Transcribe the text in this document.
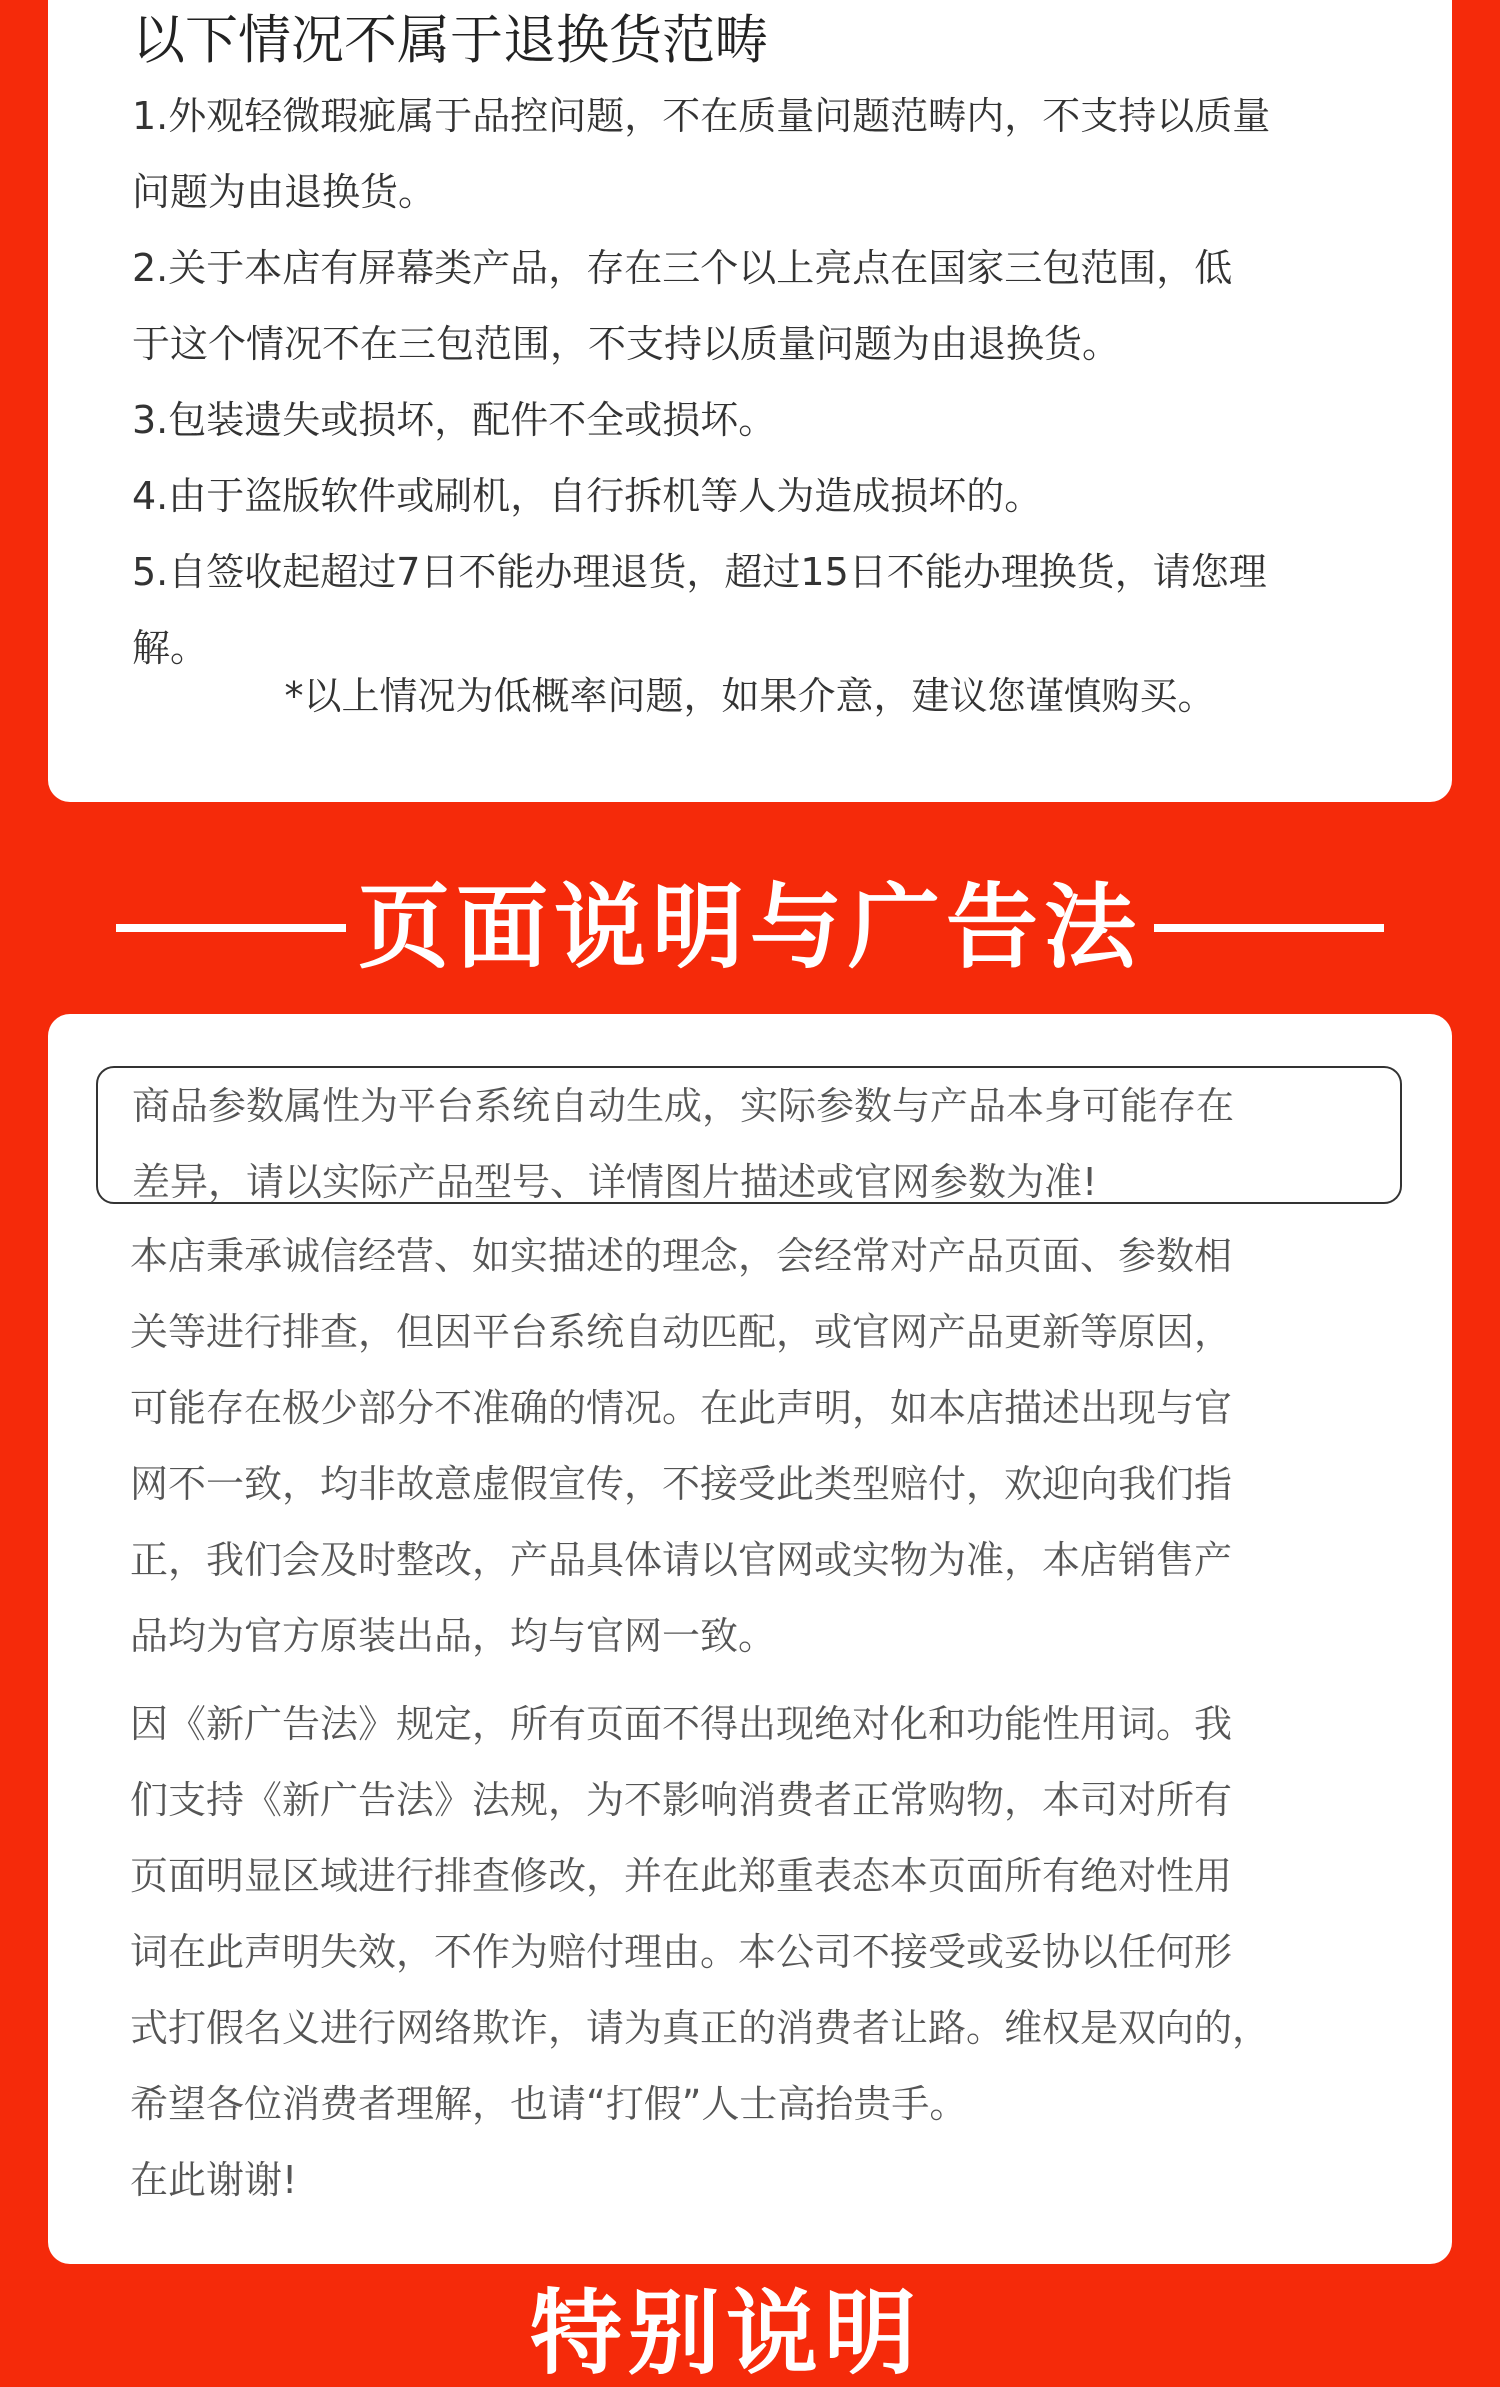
以下情况不属于退换货范畴

1.外观轻微瑕疵属于品控问题，不在质量问题范畴内，不支持以质量
问题为由退换货。

2.关于本店有屏幕类产品，存在三个以上亮点在国家三包范围，低
于这个情况不在三包范围，不支持以质量问题为由退换货。

3.包装遗失或损坏，配件不全或损坏。

4.由于盗版软件或刷机，自行拆机等人为造成损坏的。

5.自签收起超过7日不能办理退货，超过15日不能办理换货，请您理
解。

*以上情况为低概率问题，如果介意，建议您谨慎购买。
页面说明与广告法
商品参数属性为平台系统自动生成，实际参数与产品本身可能存在
差异，请以实际产品型号、详情图片描述或官网参数为准!

本店秉承诚信经营、如实描述的理念，会经常对产品页面、参数相
关等进行排查，但因平台系统自动匹配，或官网产品更新等原因，
可能存在极少部分不准确的情况。在此声明，如本店描述出现与官
网不一致，均非故意虚假宣传，不接受此类型赔付，欢迎向我们指
正，我们会及时整改，产品具体请以官网或实物为准，本店销售产
品均为官方原装出品，均与官网一致。

因《新广告法》规定，所有页面不得出现绝对化和功能性用词。我
们支持《新广告法》法规，为不影响消费者正常购物，本司对所有
页面明显区域进行排查修改，并在此郑重表态本页面所有绝对性用
词在此声明失效，不作为赔付理由。本公司不接受或妥协以任何形
式打假名义进行网络欺诈，请为真正的消费者让路。维权是双向的，
希望各位消费者理解，也请“打假”人士高抬贵手。
在此谢谢!

特别说明
